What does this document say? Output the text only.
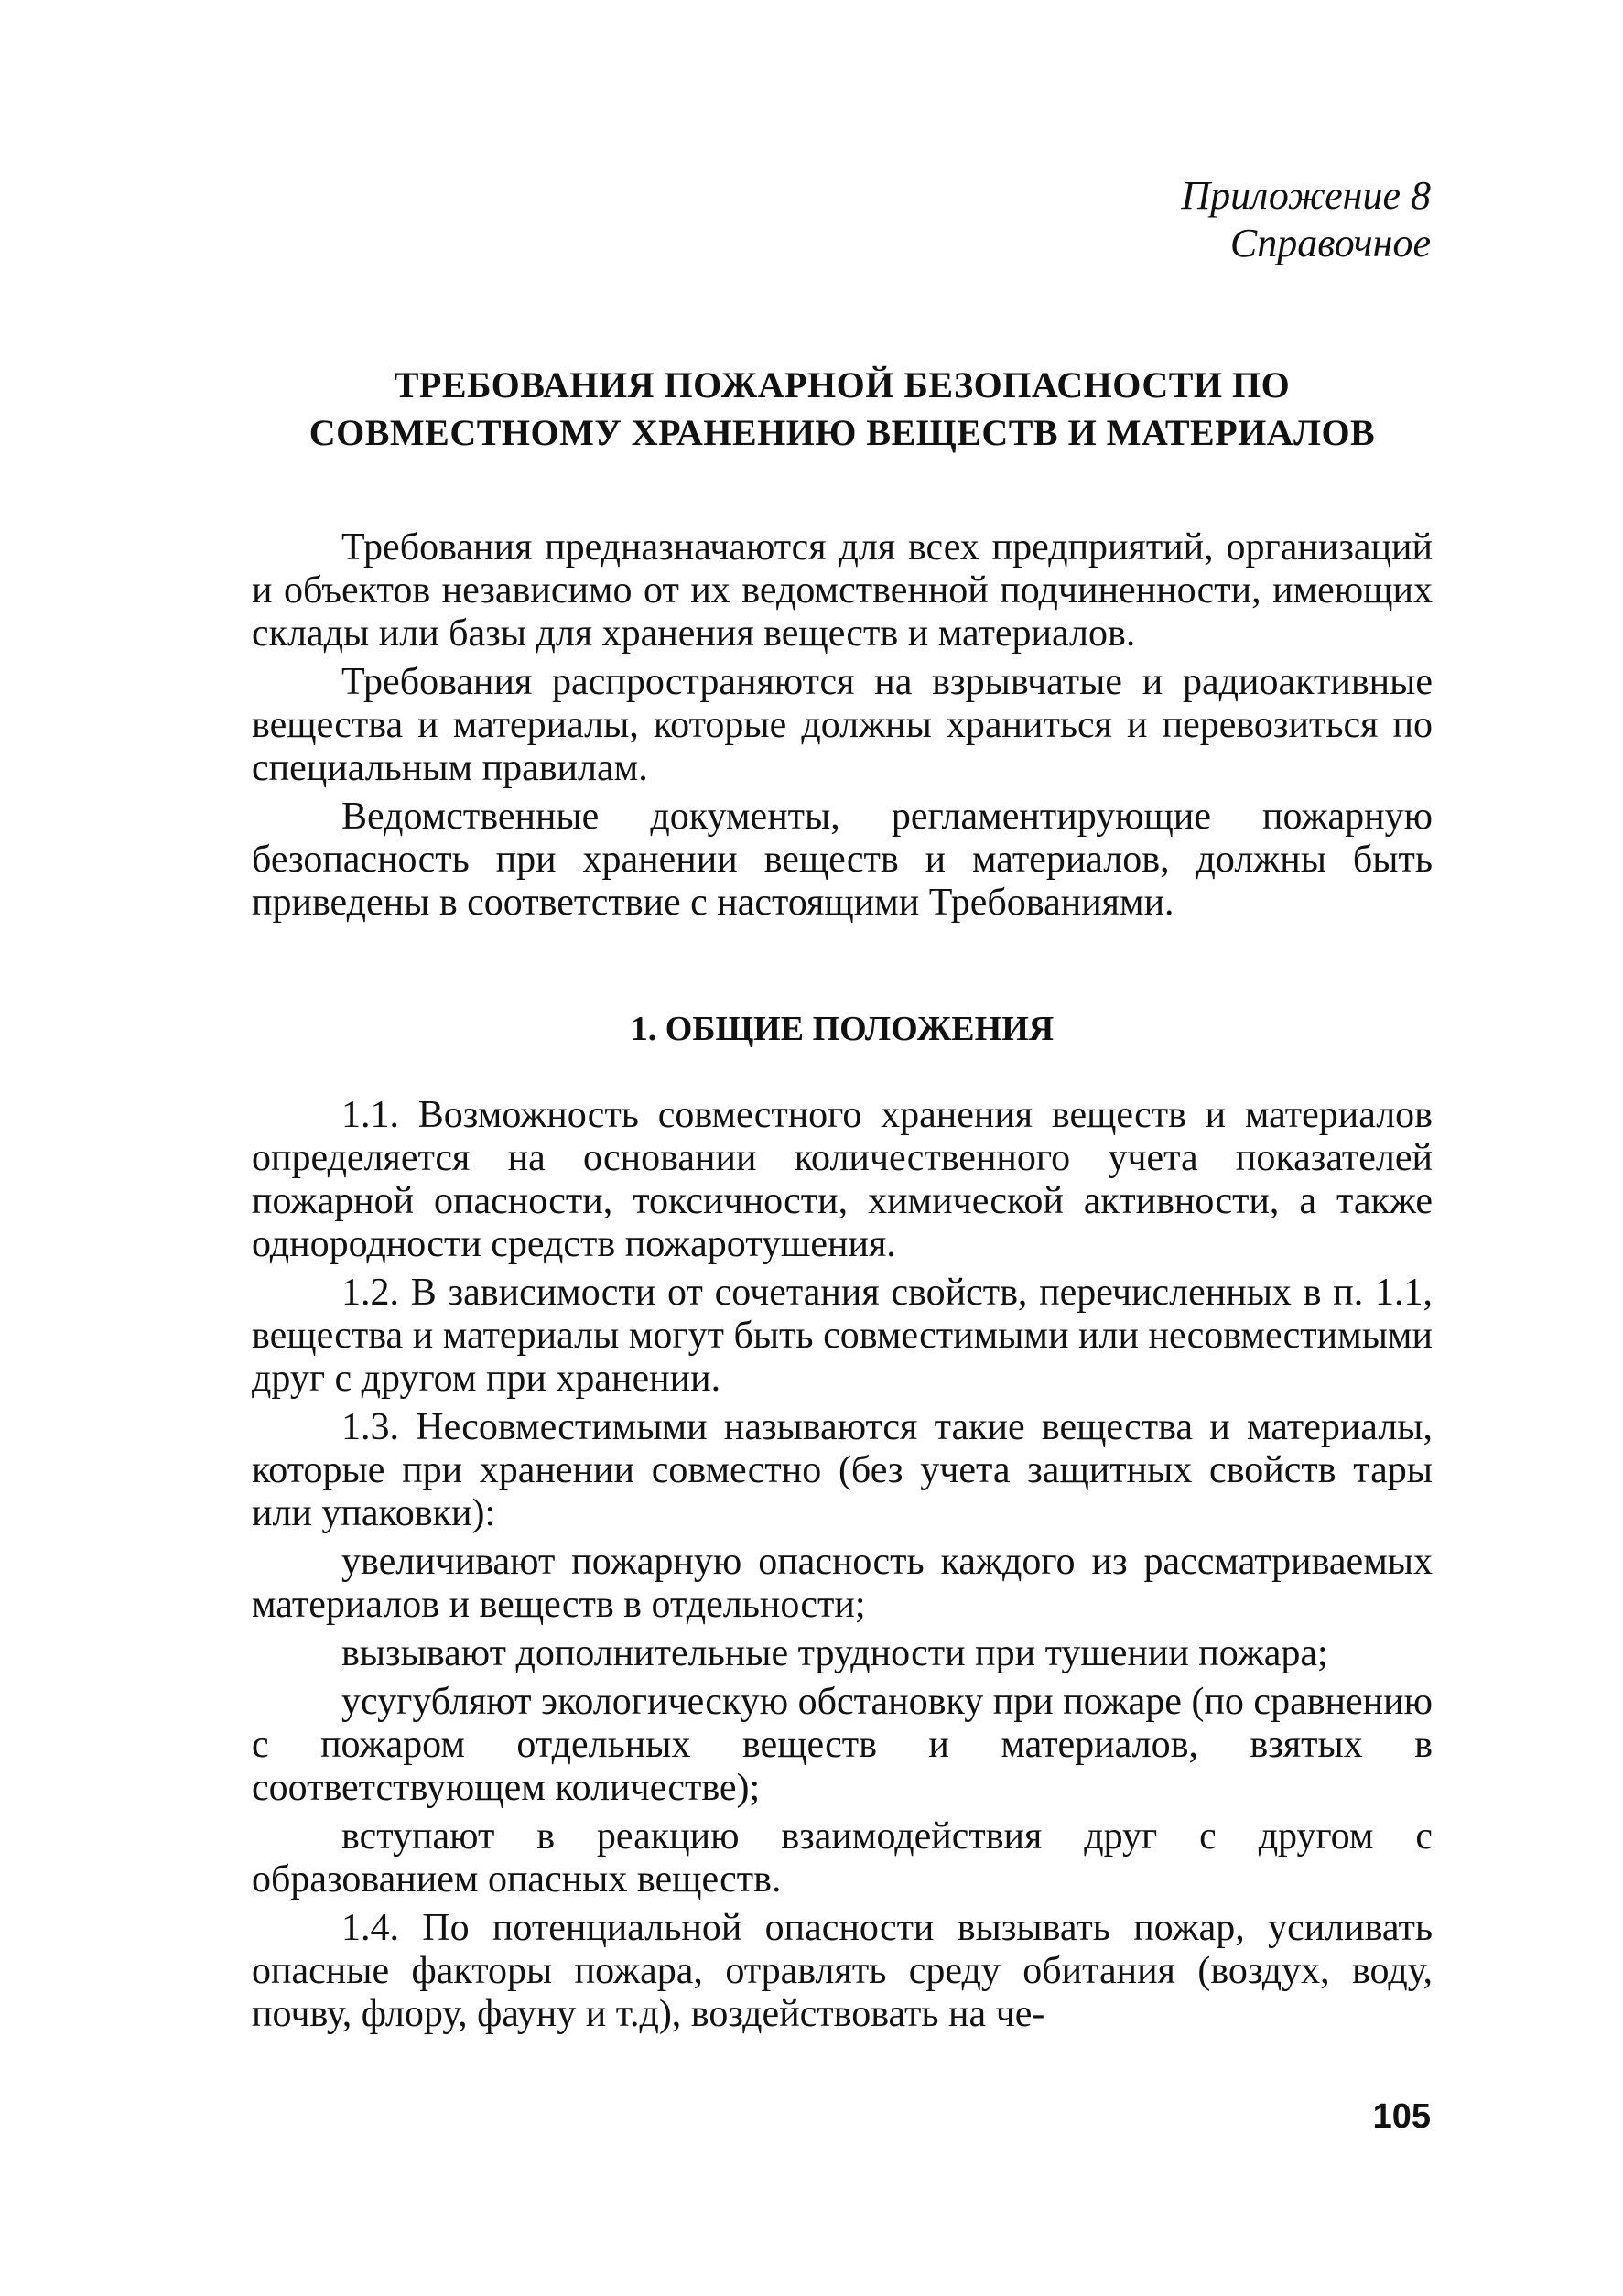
Приложение 8
Справочное
ТРЕБОВАНИЯ ПОЖАРНОЙ БЕЗОПАСНОСТИ ПО
СОВМЕСТНОМУ ХРАНЕНИЮ ВЕЩЕСТВ И МАТЕРИАЛОВ

Требования предназначаются для всех предприятий, организаций и объектов независимо от их ведомственной подчиненности, имеющих склады или базы для хранения веществ и материалов.

Требования распространяются на взрывчатые и радиоактивные вещества и материалы, которые должны храниться и перевозиться по специальным правилам.

Ведомственные документы, регламентирующие пожарную безопасность при хранении веществ и материалов, должны быть приведены в соответствие с настоящими Требованиями.

1. ОБЩИЕ ПОЛОЖЕНИЯ

1.1. Возможность совместного хранения веществ и материалов определяется на основании количественного учета показателей пожарной опасности, токсичности, химической активности, а также однородности средств пожаротушения.

1.2. В зависимости от сочетания свойств, перечисленных в п. 1.1, вещества и материалы могут быть совместимыми или несовместимыми друг с другом при хранении.

1.3. Несовместимыми называются такие вещества и материалы, которые при хранении совместно (без учета защитных свойств тары или упаковки):

увеличивают пожарную опасность каждого из рассматриваемых материалов и веществ в отдельности;

вызывают дополнительные трудности при тушении пожара;

усугубляют экологическую обстановку при пожаре (по сравнению с пожаром отдельных веществ и материалов, взятых в соответствующем количестве);

вступают в реакцию взаимодействия друг с другом с образованием опасных веществ.

1.4. По потенциальной опасности вызывать пожар, усиливать опасные факторы пожара, отравлять среду обитания (воздух, воду, почву, флору, фауну и т.д), воздействовать на че-

105
